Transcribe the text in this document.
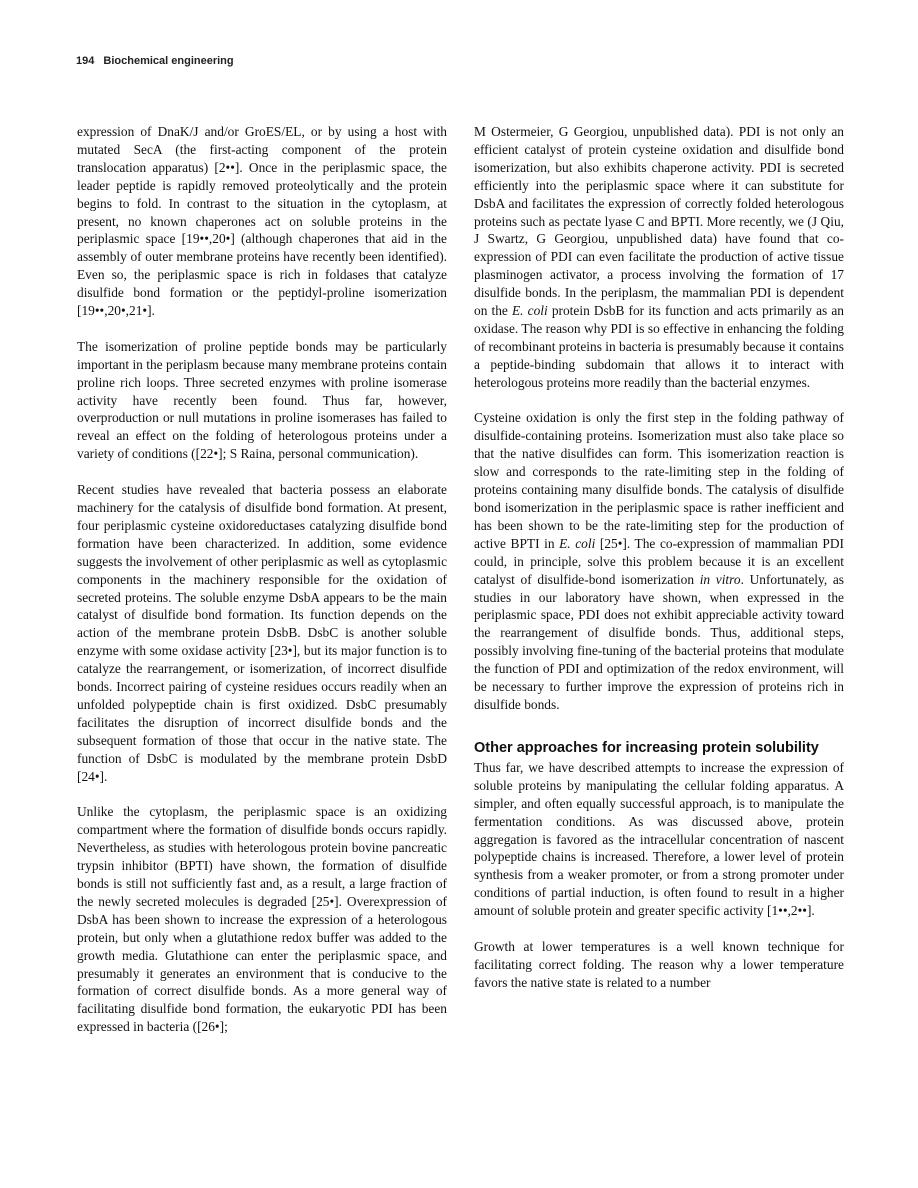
194 Biochemical engineering

expression of DnaK/J and/or GroES/EL, or by using a host with mutated SecA (the first-acting component of the protein translocation apparatus) [2••]. Once in the periplasmic space, the leader peptide is rapidly removed proteolytically and the protein begins to fold. In contrast to the situation in the cytoplasm, at present, no known chaperones act on soluble proteins in the periplasmic space [19••,20•] (although chaperones that aid in the assembly of outer membrane proteins have recently been identified). Even so, the periplasmic space is rich in foldases that catalyze disulfide bond formation or the peptidyl-proline isomerization [19••,20•,21•].

The isomerization of proline peptide bonds may be particularly important in the periplasm because many membrane proteins contain proline rich loops. Three secreted enzymes with proline isomerase activity have recently been found. Thus far, however, overproduction or null mutations in proline isomerases has failed to reveal an effect on the folding of heterologous proteins under a variety of conditions ([22•]; S Raina, personal communication).

Recent studies have revealed that bacteria possess an elaborate machinery for the catalysis of disulfide bond formation. At present, four periplasmic cysteine oxidoreductases catalyzing disulfide bond formation have been characterized. In addition, some evidence suggests the involvement of other periplasmic as well as cytoplasmic components in the machinery responsible for the oxidation of secreted proteins. The soluble enzyme DsbA appears to be the main catalyst of disulfide bond formation. Its function depends on the action of the membrane protein DsbB. DsbC is another soluble enzyme with some oxidase activity [23•], but its major function is to catalyze the rearrangement, or isomerization, of incorrect disulfide bonds. Incorrect pairing of cysteine residues occurs readily when an unfolded polypeptide chain is first oxidized. DsbC presumably facilitates the disruption of incorrect disulfide bonds and the subsequent formation of those that occur in the native state. The function of DsbC is modulated by the membrane protein DsbD [24•].

Unlike the cytoplasm, the periplasmic space is an oxidizing compartment where the formation of disulfide bonds occurs rapidly. Nevertheless, as studies with heterologous protein bovine pancreatic trypsin inhibitor (BPTI) have shown, the formation of disulfide bonds is still not sufficiently fast and, as a result, a large fraction of the newly secreted molecules is degraded [25•]. Overexpression of DsbA has been shown to increase the expression of a heterologous protein, but only when a glutathione redox buffer was added to the growth media. Glutathione can enter the periplasmic space, and presumably it generates an environment that is conducive to the formation of correct disulfide bonds. As a more general way of facilitating disulfide bond formation, the eukaryotic PDI has been expressed in bacteria ([26•];

M Ostermeier, G Georgiou, unpublished data). PDI is not only an efficient catalyst of protein cysteine oxidation and disulfide bond isomerization, but also exhibits chaperone activity. PDI is secreted efficiently into the periplasmic space where it can substitute for DsbA and facilitates the expression of correctly folded heterologous proteins such as pectate lyase C and BPTI. More recently, we (J Qiu, J Swartz, G Georgiou, unpublished data) have found that co-expression of PDI can even facilitate the production of active tissue plasminogen activator, a process involving the formation of 17 disulfide bonds. In the periplasm, the mammalian PDI is dependent on the E. coli protein DsbB for its function and acts primarily as an oxidase. The reason why PDI is so effective in enhancing the folding of recombinant proteins in bacteria is presumably because it contains a peptide-binding subdomain that allows it to interact with heterologous proteins more readily than the bacterial enzymes.

Cysteine oxidation is only the first step in the folding pathway of disulfide-containing proteins. Isomerization must also take place so that the native disulfides can form. This isomerization reaction is slow and corresponds to the rate-limiting step in the folding of proteins containing many disulfide bonds. The catalysis of disulfide bond isomerization in the periplasmic space is rather inefficient and has been shown to be the rate-limiting step for the production of active BPTI in E. coli [25•]. The co-expression of mammalian PDI could, in principle, solve this problem because it is an excellent catalyst of disulfide-bond isomerization in vitro. Unfortunately, as studies in our laboratory have shown, when expressed in the periplasmic space, PDI does not exhibit appreciable activity toward the rearrangement of disulfide bonds. Thus, additional steps, possibly involving fine-tuning of the bacterial proteins that modulate the function of PDI and optimization of the redox environment, will be necessary to further improve the expression of proteins rich in disulfide bonds.

Other approaches for increasing protein solubility

Thus far, we have described attempts to increase the expression of soluble proteins by manipulating the cellular folding apparatus. A simpler, and often equally successful approach, is to manipulate the fermentation conditions. As was discussed above, protein aggregation is favored as the intracellular concentration of nascent polypeptide chains is increased. Therefore, a lower level of protein synthesis from a weaker promoter, or from a strong promoter under conditions of partial induction, is often found to result in a higher amount of soluble protein and greater specific activity [1••,2••].

Growth at lower temperatures is a well known technique for facilitating correct folding. The reason why a lower temperature favors the native state is related to a number
